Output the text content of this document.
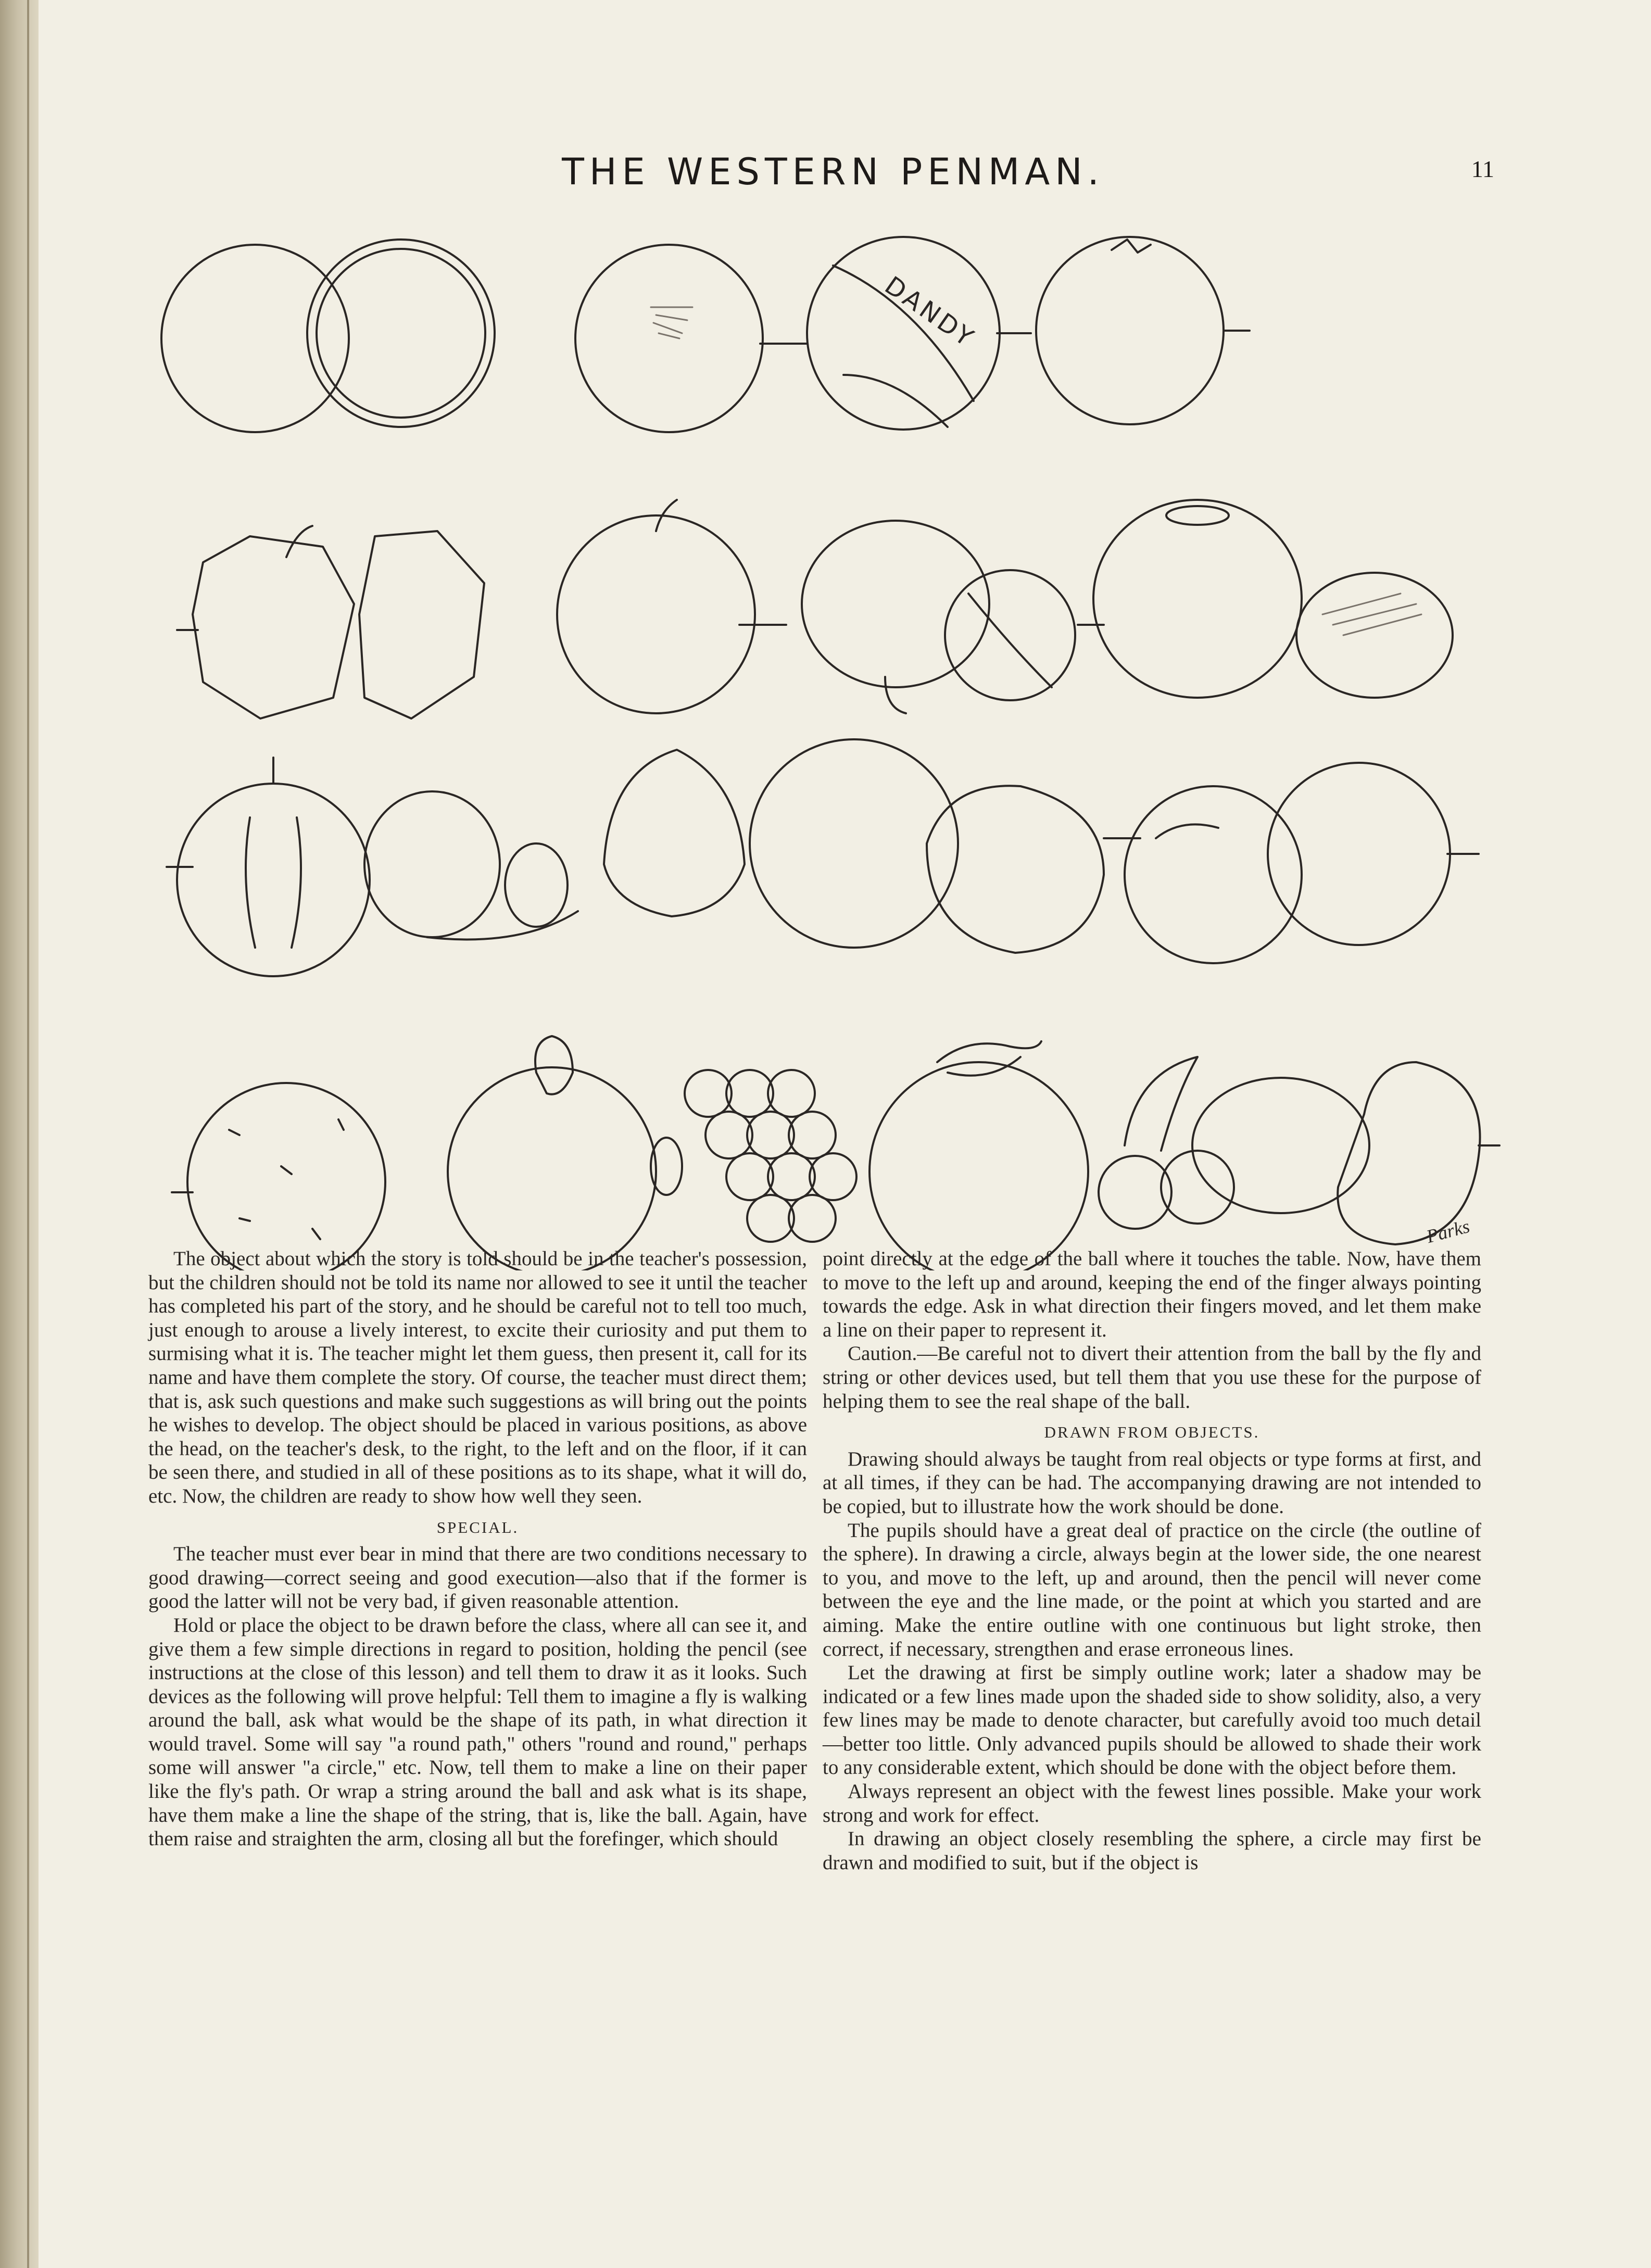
THE WESTERN PENMAN.	11
DANDY
Parks

The object about which the story is told should be in the teacher's possession, but the children should not be told its name nor allowed to see it until the teacher has completed his part of the story, and he should be careful not to tell too much, just enough to arouse a lively interest, to excite their curiosity and put them to surmising what it is. The teacher might let them guess, then present it, call for its name and have them complete the story. Of course, the teacher must direct them; that is, ask such questions and make such suggestions as will bring out the points he wishes to develop. The object should be placed in various positions, as above the head, on the teacher's desk, to the right, to the left and on the floor, if it can be seen there, and studied in all of these positions as to its shape, what it will do, etc. Now, the children are ready to show how well they seen.

SPECIAL.

The teacher must ever bear in mind that there are two conditions necessary to good drawing—correct seeing and good execution—also that if the former is good the latter will not be very bad, if given reasonable attention.

Hold or place the object to be drawn before the class, where all can see it, and give them a few simple directions in regard to position, holding the pencil (see instructions at the close of this lesson) and tell them to draw it as it looks. Such devices as the following will prove helpful: Tell them to imagine a fly is walking around the ball, ask what would be the shape of its path, in what direction it would travel. Some will say "a round path," others "round and round," perhaps some will answer "a circle," etc. Now, tell them to make a line on their paper like the fly's path. Or wrap a string around the ball and ask what is its shape, have them make a line the shape of the string, that is, like the ball. Again, have them raise and straighten the arm, closing all but the forefinger, which should

point directly at the edge of the ball where it touches the table. Now, have them to move to the left up and around, keeping the end of the finger always pointing towards the edge. Ask in what direction their fingers moved, and let them make a line on their paper to represent it.

Caution.—Be careful not to divert their attention from the ball by the fly and string or other devices used, but tell them that you use these for the purpose of helping them to see the real shape of the ball.

DRAWN FROM OBJECTS.

Drawing should always be taught from real objects or type forms at first, and at all times, if they can be had. The accompanying drawing are not intended to be copied, but to illustrate how the work should be done.

The pupils should have a great deal of practice on the circle (the outline of the sphere). In drawing a circle, always begin at the lower side, the one nearest to you, and move to the left, up and around, then the pencil will never come between the eye and the line made, or the point at which you started and are aiming. Make the entire outline with one continuous but light stroke, then correct, if necessary, strengthen and erase erroneous lines.

Let the drawing at first be simply outline work; later a shadow may be indicated or a few lines made upon the shaded side to show solidity, also, a very few lines may be made to denote character, but carefully avoid too much detail—better too little. Only advanced pupils should be allowed to shade their work to any considerable extent, which should be done with the object before them.

Always represent an object with the fewest lines possible. Make your work strong and work for effect.

In drawing an object closely resembling the sphere, a circle may first be drawn and modified to suit, but if the object is
